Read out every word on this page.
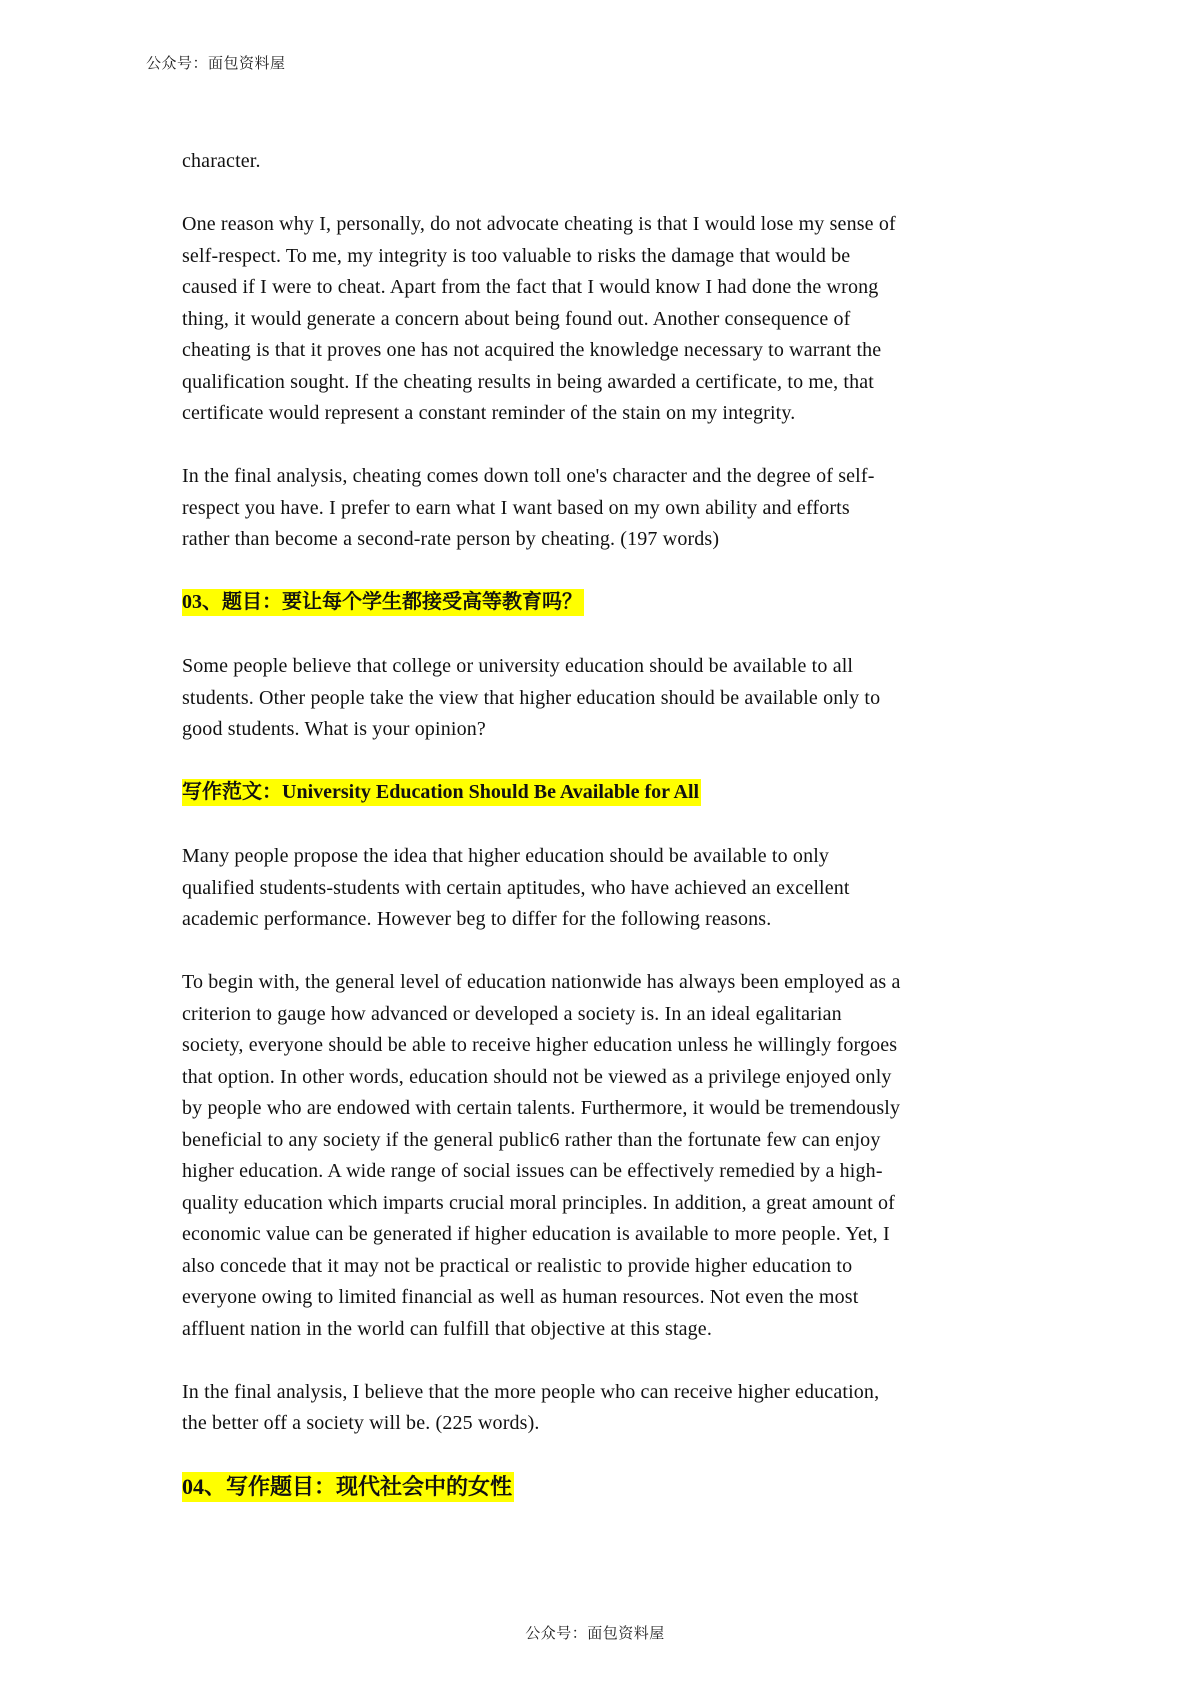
公众号：面包资料屋

character.

One reason why I, personally, do not advocate cheating is that I would lose my sense of
self-respect. To me, my integrity is too valuable to risks the damage that would be
caused if I were to cheat. Apart from the fact that I would know I had done the wrong
thing, it would generate a concern about being found out. Another consequence of
cheating is that it proves one has not acquired the knowledge necessary to warrant the
qualification sought. If the cheating results in being awarded a certificate, to me, that
certificate would represent a constant reminder of the stain on my integrity.

In the final analysis, cheating comes down toll one's character and the degree of self-
respect you have. I prefer to earn what I want based on my own ability and efforts
rather than become a second-rate person by cheating. (197 words)

03、题目：要让每个学生都接受高等教育吗？

Some people believe that college or university education should be available to all
students. Other people take the view that higher education should be available only to
good students. What is your opinion?

写作范文：University Education Should Be Available for All

Many people propose the idea that higher education should be available to only
qualified students-students with certain aptitudes, who have achieved an excellent
academic performance. However beg to differ for the following reasons.

To begin with, the general level of education nationwide has always been employed as a
criterion to gauge how advanced or developed a society is. In an ideal egalitarian
society, everyone should be able to receive higher education unless he willingly forgoes
that option. In other words, education should not be viewed as a privilege enjoyed only
by people who are endowed with certain talents. Furthermore, it would be tremendously
beneficial to any society if the general public6 rather than the fortunate few can enjoy
higher education. A wide range of social issues can be effectively remedied by a high-
quality education which imparts crucial moral principles. In addition, a great amount of
economic value can be generated if higher education is available to more people. Yet, I
also concede that it may not be practical or realistic to provide higher education to
everyone owing to limited financial as well as human resources. Not even the most
affluent nation in the world can fulfill that objective at this stage.

In the final analysis, I believe that the more people who can receive higher education,
the better off a society will be. (225 words).

04、写作题目：现代社会中的女性
公众号：面包资料屋
